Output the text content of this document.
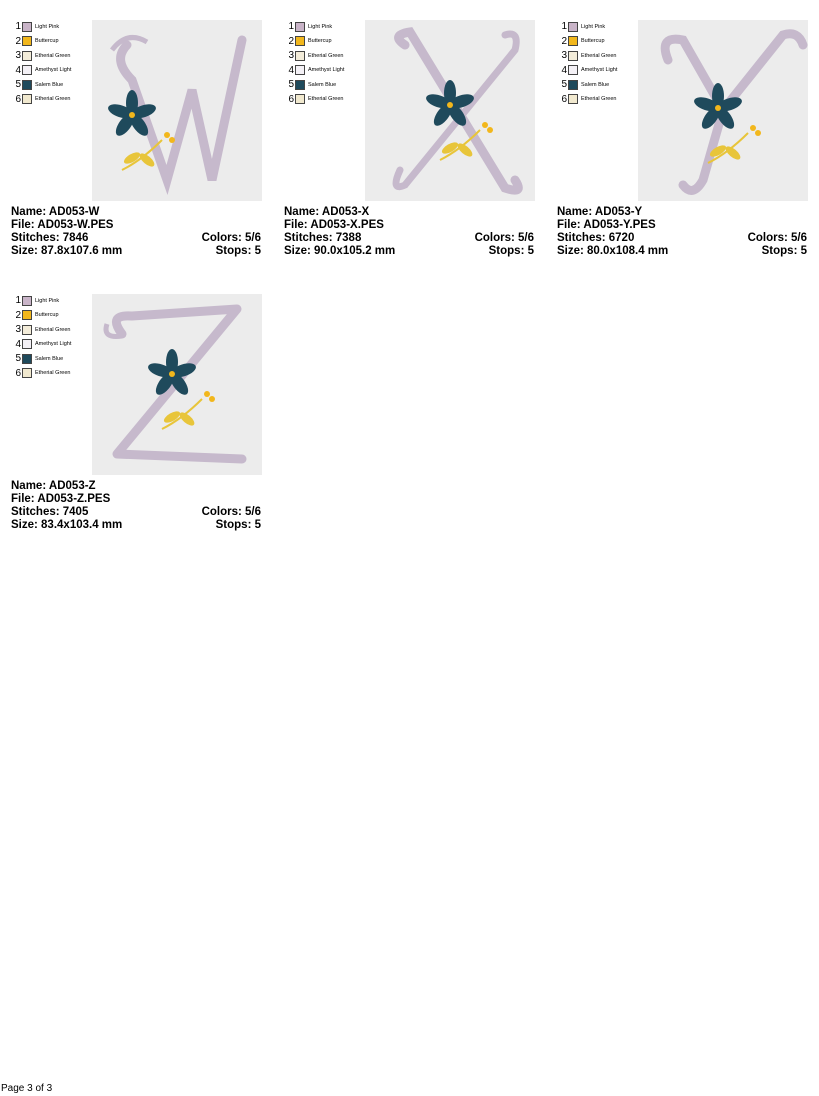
1	Light Pink
2	Buttercup
3	Etherial Green
4	Amethyst Light
5	Salem Blue
6	Etherial Green
Name: AD053-W
File: AD053-W.PES
Stitches: 7846	Colors: 5/6
Size: 87.8x107.6 mm	Stops: 5
1	Light Pink
2	Buttercup
3	Etherial Green
4	Amethyst Light
5	Salem Blue
6	Etherial Green
Name: AD053-X
File: AD053-X.PES
Stitches: 7388	Colors: 5/6
Size: 90.0x105.2 mm	Stops: 5
1	Light Pink
2	Buttercup
3	Etherial Green
4	Amethyst Light
5	Salem Blue
6	Etherial Green
Name: AD053-Y
File: AD053-Y.PES
Stitches: 6720	Colors: 5/6
Size: 80.0x108.4 mm	Stops: 5
1	Light Pink
2	Buttercup
3	Etherial Green
4	Amethyst Light
5	Salem Blue
6	Etherial Green
Name: AD053-Z
File: AD053-Z.PES
Stitches: 7405	Colors: 5/6
Size: 83.4x103.4 mm	Stops: 5
Page 3 of 3
